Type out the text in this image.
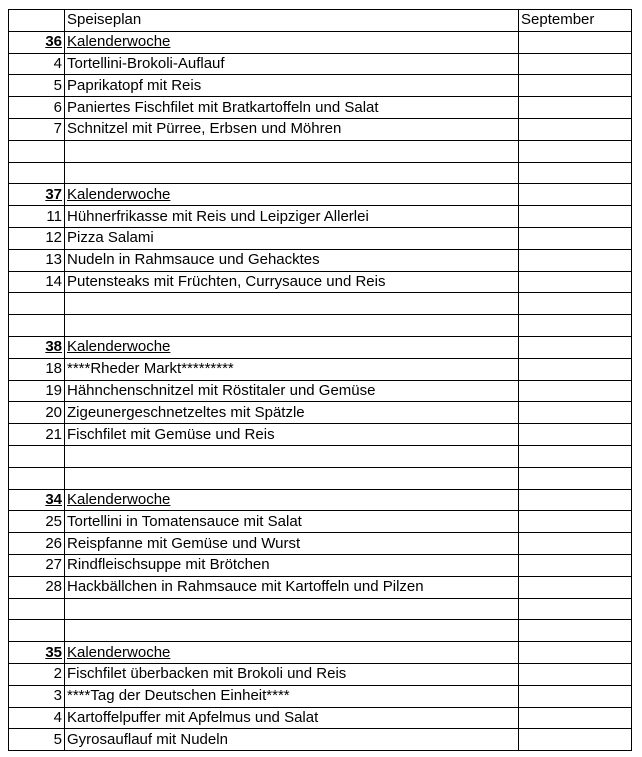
	Speiseplan	September
36	Kalenderwoche	
4	Tortellini-Brokoli-Auflauf	
5	Paprikatopf mit Reis	
6	Paniertes Fischfilet mit Bratkartoffeln und Salat	
7	Schnitzel mit Pürree, Erbsen und Möhren	

37	Kalenderwoche	
11	Hühnerfrikasse mit Reis und Leipziger Allerlei	
12	Pizza Salami	
13	Nudeln in Rahmsauce und Gehacktes	
14	Putensteaks mit Früchten, Currysauce und Reis	

38	Kalenderwoche	
18	****Rheder Markt*********	
19	Hähnchenschnitzel mit Röstitaler und Gemüse	
20	Zigeunergeschnetzeltes mit Spätzle	
21	Fischfilet mit Gemüse und Reis	

34	Kalenderwoche	
25	Tortellini in Tomatensauce mit Salat	
26	Reispfanne mit Gemüse und Wurst	
27	Rindfleischsuppe mit Brötchen	
28	Hackbällchen in Rahmsauce mit Kartoffeln und Pilzen	

35	Kalenderwoche	
2	Fischfilet überbacken mit Brokoli und Reis	
3	****Tag der Deutschen Einheit****	
4	Kartoffelpuffer mit Apfelmus und Salat	
5	Gyrosauflauf mit Nudeln	
